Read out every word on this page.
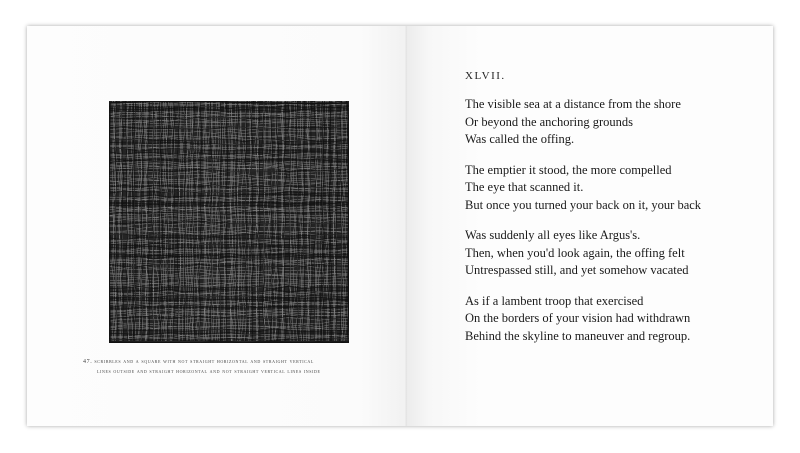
47. scribbles and a square with not straight horizontal and straight vertical
lines outside and straight horizontal and not straight vertical lines inside
XLVII.
The visible sea at a distance from the shore
Or beyond the anchoring grounds
Was called the offing.
The emptier it stood, the more compelled
The eye that scanned it.
But once you turned your back on it, your back
Was suddenly all eyes like Argus's.
Then, when you'd look again, the offing felt
Untrespassed still, and yet somehow vacated
As if a lambent troop that exercised
On the borders of your vision had withdrawn
Behind the skyline to maneuver and regroup.
